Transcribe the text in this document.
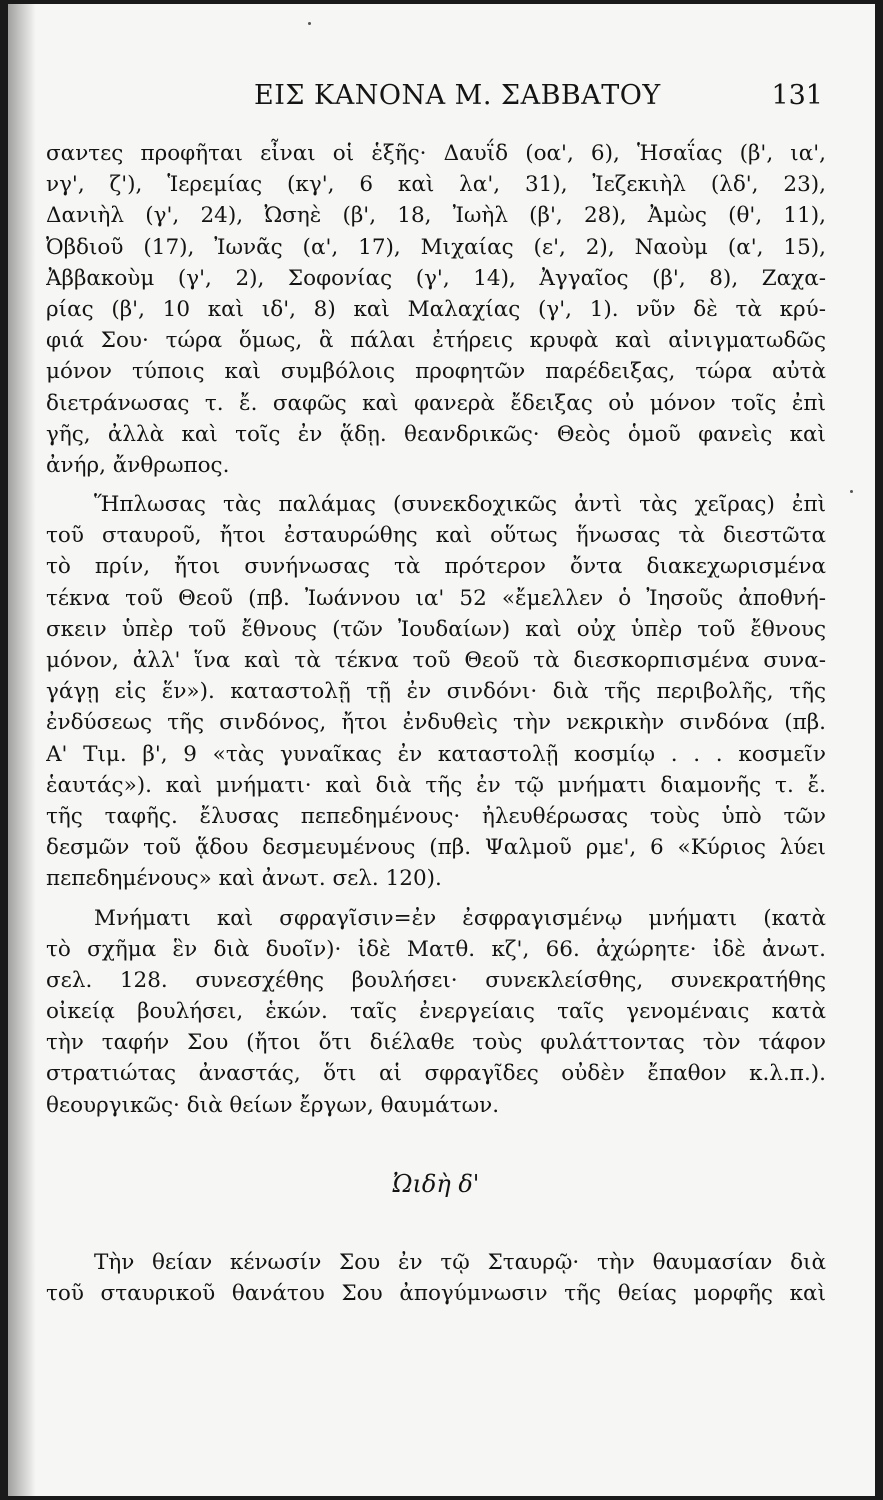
ΕΙΣ ΚΑΝΟΝΑ Μ. ΣΑΒΒΑΤΟΥ	131
σαντες προφῆται εἶναι οἱ ἑξῆς· Δαυΐδ (οα', 6), Ἡσαΐας (β', ια',
νγ', ζ'), Ἱερεμίας (κγ', 6 καὶ λα', 31), Ἰεζεκιὴλ (λδ', 23),
Δανιὴλ (γ', 24), Ὠσηὲ (β', 18, Ἰωὴλ (β', 28), Ἀμὼς (θ', 11),
Ὀβδιοῦ (17), Ἰωνᾶς (α', 17), Μιχαίας (ε', 2), Ναοὺμ (α', 15),
Ἀββακοὺμ (γ', 2), Σοφονίας (γ', 14), Ἀγγαῖος (β', 8), Ζαχα-
ρίας (β', 10 καὶ ιδ', 8) καὶ Μαλαχίας (γ', 1). νῦν δὲ τὰ κρύ-
φιά Σου· τώρα ὅμως, ἃ πάλαι ἐτήρεις κρυφὰ καὶ αἰνιγματωδῶς
μόνον τύποις καὶ συμβόλοις προφητῶν παρέδειξας, τώρα αὐτὰ
διετράνωσας τ. ἔ. σαφῶς καὶ φανερὰ ἔδειξας οὐ μόνον τοῖς ἐπὶ
γῆς, ἀλλὰ καὶ τοῖς ἐν ᾅδῃ. θεανδρικῶς· Θεὸς ὁμοῦ φανεὶς καὶ
ἀνήρ, ἄνθρωπος.
Ἥπλωσας τὰς παλάμας (συνεκδοχικῶς ἀντὶ τὰς χεῖρας) ἐπὶ
τοῦ σταυροῦ, ἤτοι ἐσταυρώθης καὶ οὕτως ἥνωσας τὰ διεστῶτα
τὸ πρίν, ἤτοι συνήνωσας τὰ πρότερον ὄντα διακεχωρισμένα
τέκνα τοῦ Θεοῦ (πβ. Ἰωάννου ια' 52 «ἔμελλεν ὁ Ἰησοῦς ἀποθνή-
σκειν ὑπὲρ τοῦ ἔθνους (τῶν Ἰουδαίων) καὶ οὐχ ὑπὲρ τοῦ ἔθνους
μόνον, ἀλλ' ἵνα καὶ τὰ τέκνα τοῦ Θεοῦ τὰ διεσκορπισμένα συνα-
γάγῃ εἰς ἕν»). καταστολῇ τῇ ἐν σινδόνι· διὰ τῆς περιβολῆς, τῆς
ἐνδύσεως τῆς σινδόνος, ἤτοι ἐνδυθεὶς τὴν νεκρικὴν σινδόνα (πβ.
Α' Τιμ. β', 9 «τὰς γυναῖκας ἐν καταστολῇ κοσμίῳ . . . κοσμεῖν
ἑαυτάς»). καὶ μνήματι· καὶ διὰ τῆς ἐν τῷ μνήματι διαμονῆς τ. ἔ.
τῆς ταφῆς. ἔλυσας πεπεδημένους· ἠλευθέρωσας τοὺς ὑπὸ τῶν
δεσμῶν τοῦ ᾅδου δεσμευμένους (πβ. Ψαλμοῦ ρμε', 6 «Κύριος λύει
πεπεδημένους» καὶ ἀνωτ. σελ. 120).
Μνήματι καὶ σφραγῖσιν=ἐν ἐσφραγισμένῳ μνήματι (κατὰ
τὸ σχῆμα ἓν διὰ δυοῖν)· ἰδὲ Ματθ. κζ', 66. ἀχώρητε· ἰδὲ ἀνωτ.
σελ. 128. συνεσχέθης βουλήσει· συνεκλείσθης, συνεκρατήθης
οἰκείᾳ βουλήσει, ἑκών. ταῖς ἐνεργείαις ταῖς γενομέναις κατὰ
τὴν ταφήν Σου (ἤτοι ὅτι διέλαθε τοὺς φυλάττοντας τὸν τάφον
στρατιώτας ἀναστάς, ὅτι αἱ σφραγῖδες οὐδὲν ἔπαθον κ.λ.π.).
θεουργικῶς· διὰ θείων ἔργων, θαυμάτων.
Ὠιδὴ δ'
Τὴν θείαν κένωσίν Σου ἐν τῷ Σταυρῷ· τὴν θαυμασίαν διὰ
τοῦ σταυρικοῦ θανάτου Σου ἀπογύμνωσιν τῆς θείας μορφῆς καὶ
